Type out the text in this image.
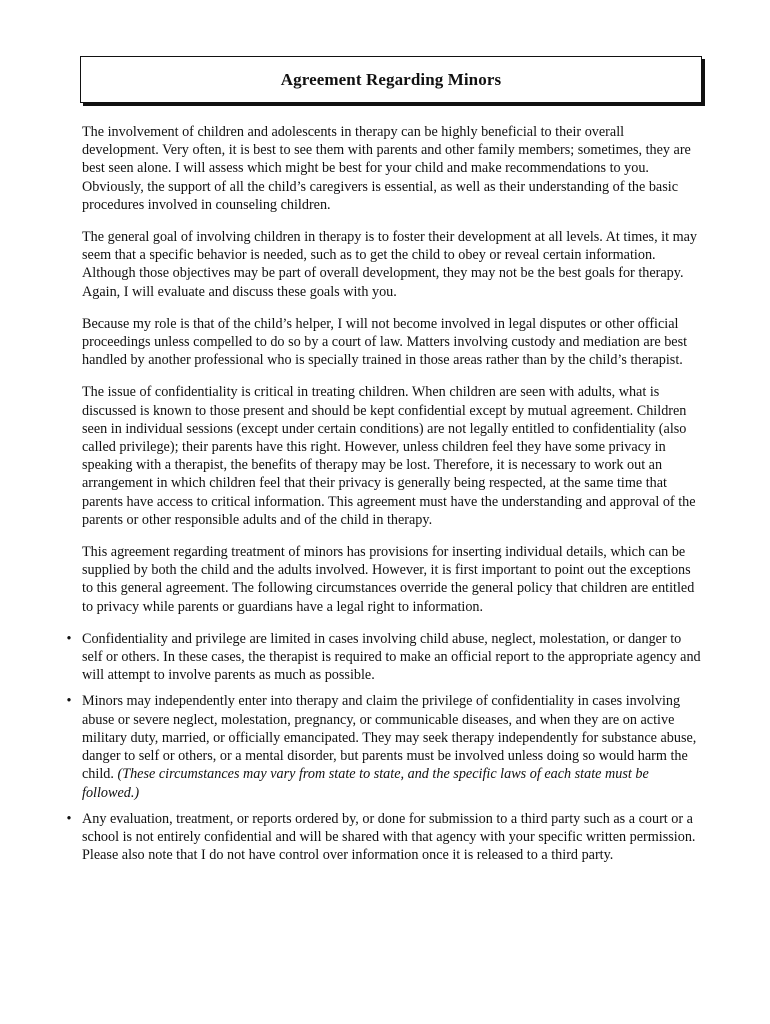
Agreement Regarding Minors

The involvement of children and adolescents in therapy can be highly beneficial to their overall development. Very often, it is best to see them with parents and other family members; sometimes, they are best seen alone. I will assess which might be best for your child and make recommendations to you. Obviously, the support of all the child’s caregivers is essential, as well as their understanding of the basic procedures involved in counseling children.

The general goal of involving children in therapy is to foster their development at all levels. At times, it may seem that a specific behavior is needed, such as to get the child to obey or reveal certain information. Although those objectives may be part of overall development, they may not be the best goals for therapy. Again, I will evaluate and discuss these goals with you.

Because my role is that of the child’s helper, I will not become involved in legal disputes or other official proceedings unless compelled to do so by a court of law. Matters involving custody and mediation are best handled by another professional who is specially trained in those areas rather than by the child’s therapist.

The issue of confidentiality is critical in treating children. When children are seen with adults, what is discussed is known to those present and should be kept confidential except by mutual agreement. Children seen in individual sessions (except under certain conditions) are not legally entitled to confidentiality (also called privilege); their parents have this right. However, unless children feel they have some privacy in speaking with a therapist, the benefits of therapy may be lost. Therefore, it is necessary to work out an arrangement in which children feel that their privacy is generally being respected, at the same time that parents have access to critical information. This agreement must have the understanding and approval of the parents or other responsible adults and of the child in therapy.

This agreement regarding treatment of minors has provisions for inserting individual details, which can be supplied by both the child and the adults involved. However, it is first important to point out the exceptions to this general agreement. The following circumstances override the general policy that children are entitled to privacy while parents or guardians have a legal right to information.

• Confidentiality and privilege are limited in cases involving child abuse, neglect, molestation, or danger to self or others. In these cases, the therapist is required to make an official report to the appropriate agency and will attempt to involve parents as much as possible.
• Minors may independently enter into therapy and claim the privilege of confidentiality in cases involving abuse or severe neglect, molestation, pregnancy, or communicable diseases, and when they are on active military duty, married, or officially emancipated. They may seek therapy independently for substance abuse, danger to self or others, or a mental disorder, but parents must be involved unless doing so would harm the child. (These circumstances may vary from state to state, and the specific laws of each state must be followed.)
• Any evaluation, treatment, or reports ordered by, or done for submission to a third party such as a court or a school is not entirely confidential and will be shared with that agency with your specific written permission. Please also note that I do not have control over information once it is released to a third party.
